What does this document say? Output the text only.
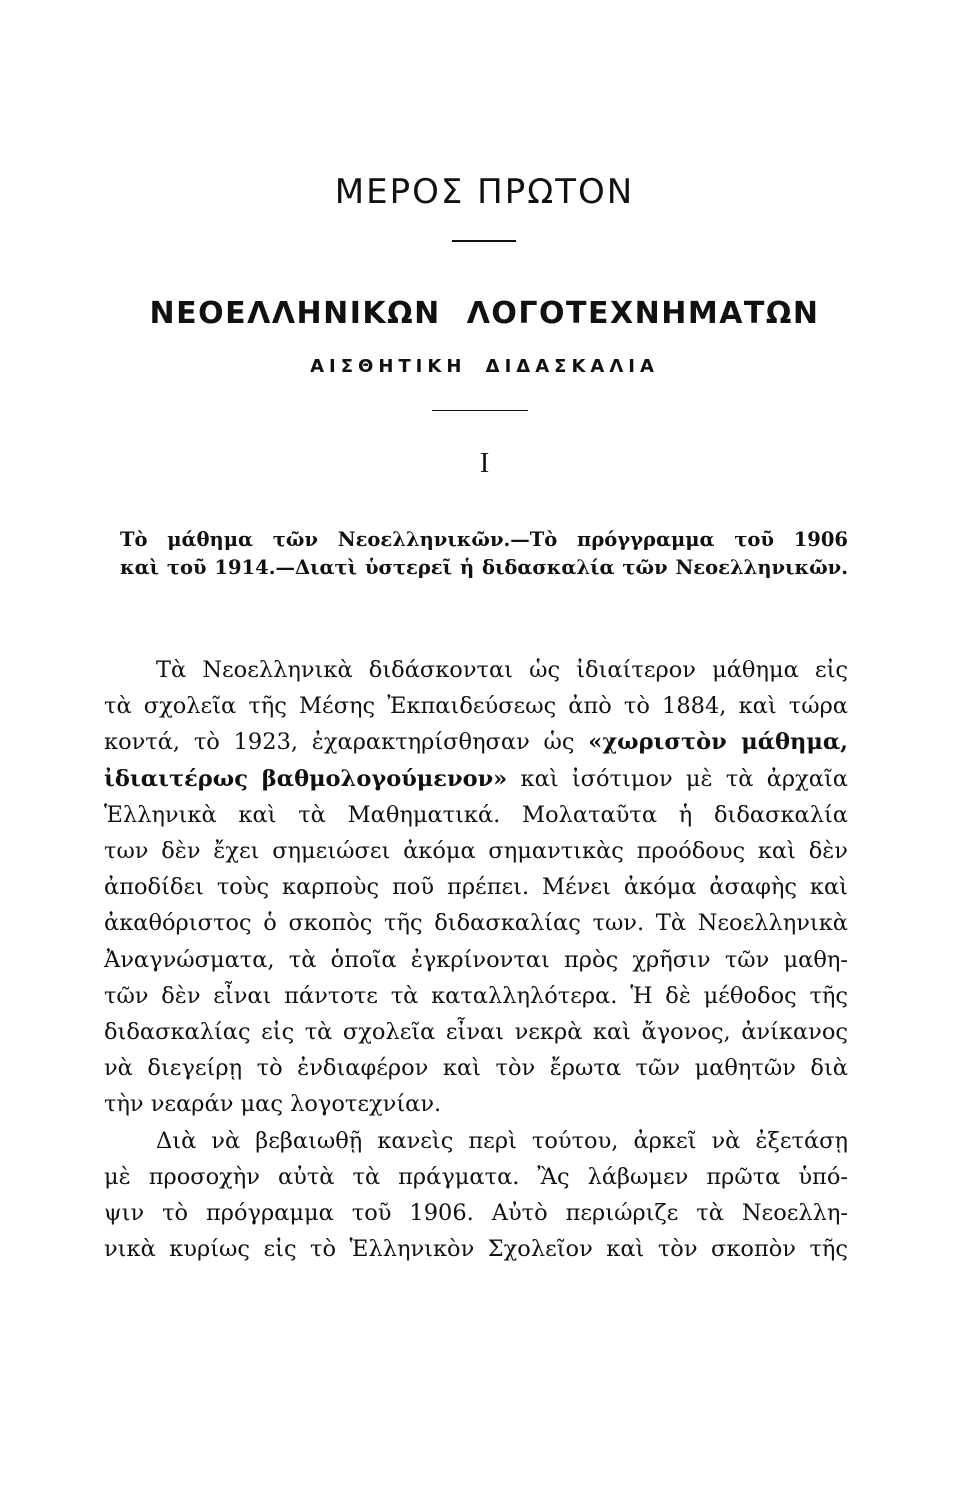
ΜΕΡΟΣ ΠΡΩΤΟΝ
ΝΕΟΕΛΛΗΝΙΚΩΝ ΛΟΓΟΤΕΧΝΗΜΑΤΩΝ
ΑΙΣΘΗΤΙΚΗ ΔΙΔΑΣΚΑΛΙΑ
I
Τὸ μάθημα τῶν Νεοελληνικῶν.—Τὸ πρόγγραμμα τοῦ 1906
καὶ τοῦ 1914.—Διατὶ ὑστερεῖ ἡ διδασκαλία τῶν Νεοελληνικῶν.
Τὰ Νεοελληνικὰ διδάσκονται ὡς ἰδιαίτερον μάθημα εἰς
τὰ σχολεῖα τῆς Μέσης Ἐκπαιδεύσεως ἀπὸ τὸ 1884, καὶ τώρα
κοντά, τὸ 1923, ἐχαρακτηρίσθησαν ὡς «χωριστὸν μάθημα,
ἰδιαιτέρως βαθμολογούμενον» καὶ ἰσότιμον μὲ τὰ ἀρχαῖα
Ἑλληνικὰ καὶ τὰ Μαθηματικά. Μολαταῦτα ἡ διδασκαλία
των δὲν ἔχει σημειώσει ἀκόμα σημαντικὰς προόδους καὶ δὲν
ἀποδίδει τοὺς καρποὺς ποῦ πρέπει. Μένει ἀκόμα ἀσαφὴς καὶ
ἀκαθόριστος ὁ σκοπὸς τῆς διδασκαλίας των. Τὰ Νεοελληνικὰ
Ἀναγνώσματα, τὰ ὁποῖα ἐγκρίνονται πρὸς χρῆσιν τῶν μαθη-
τῶν δὲν εἶναι πάντοτε τὰ καταλληλότερα. Ἡ δὲ μέθοδος τῆς
διδασκαλίας εἰς τὰ σχολεῖα εἶναι νεκρὰ καὶ ἄγονος, ἀνίκανος
νὰ διεγείρῃ τὸ ἐνδιαφέρον καὶ τὸν ἔρωτα τῶν μαθητῶν διὰ
τὴν νεαράν μας λογοτεχνίαν.
Διὰ νὰ βεβαιωθῇ κανεὶς περὶ τούτου, ἀρκεῖ νὰ ἐξετάσῃ
μὲ προσοχὴν αὐτὰ τὰ πράγματα. Ἂς λάβωμεν πρῶτα ὑπό-
ψιν τὸ πρόγραμμα τοῦ 1906. Αὐτὸ περιώριζε τὰ Νεοελλη-
νικὰ κυρίως εἰς τὸ Ἑλληνικὸν Σχολεῖον καὶ τὸν σκοπὸν τῆς
